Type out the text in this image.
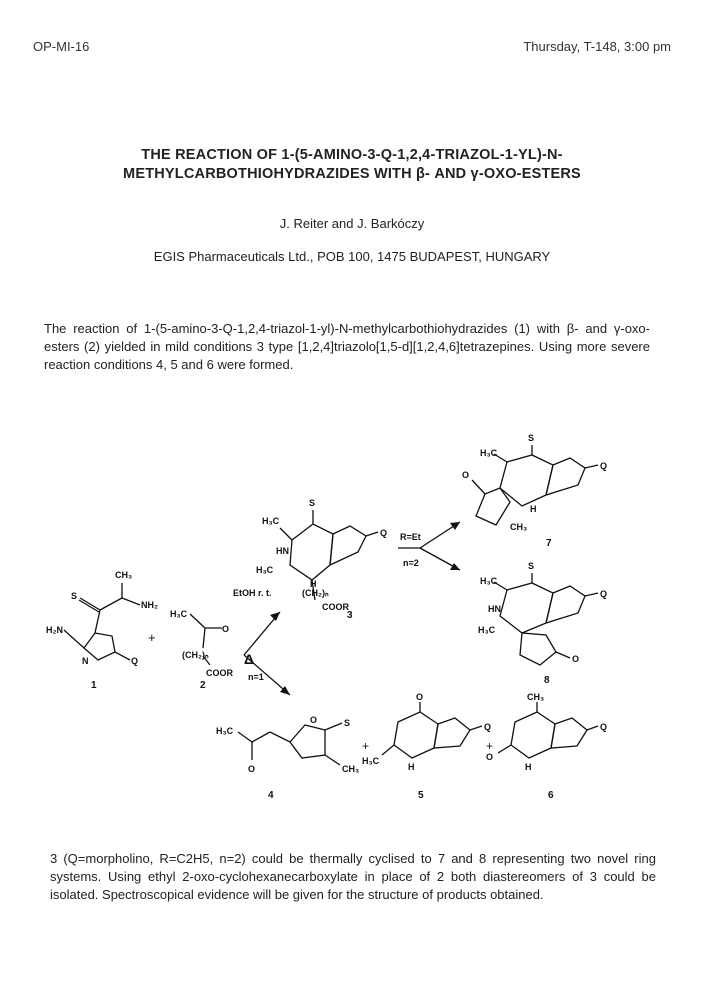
OP-MI-16	Thursday, T-148, 3:00 pm
THE REACTION OF 1-(5-AMINO-3-Q-1,2,4-TRIAZOL-1-YL)-N-
METHYLCARBOTHIOHYDRAZIDES WITH β- AND γ-OXO-ESTERS
J. Reiter and J. Barkóczy
EGIS Pharmaceuticals Ltd., POB 100, 1475 BUDAPEST, HUNGARY
The reaction of 1-(5-amino-3-Q-1,2,4-triazol-1-yl)-N-methylcarbothiohydrazides (1) with β- and γ-oxo-esters (2) yielded in mild conditions 3 type [1,2,4]triazolo[1,5-d][1,2,4,6]tetrazepines. Using more severe reaction conditions 4, 5 and 6 were formed.
CH₃
S
NH₂
H₂N
Q
N
1
+
H₃C
O
(CH₂)ₙ
COOR
2
EtOH r. t.
Δ
n=1
S
H₃C
HN
H₃C
Q
H
(CH₂)ₙ
COOR
3
R=Et
n=2
S
H₃C
Q
O
H
CH₃
7
S
H₃C
Q
HN
H₃C
O
8
H₃C
O
O	S
CH₃
4
+
O
H₃C
Q
H
5
+
CH₃
O
Q
H
6
3 (Q=morpholino, R=C2H5, n=2) could be thermally cyclised to 7 and 8 representing two novel ring systems. Using ethyl 2-oxo-cyclohexanecarboxylate in place of 2 both diastereomers of 3 could be isolated. Spectroscopical evidence will be given for the structure of products obtained.
